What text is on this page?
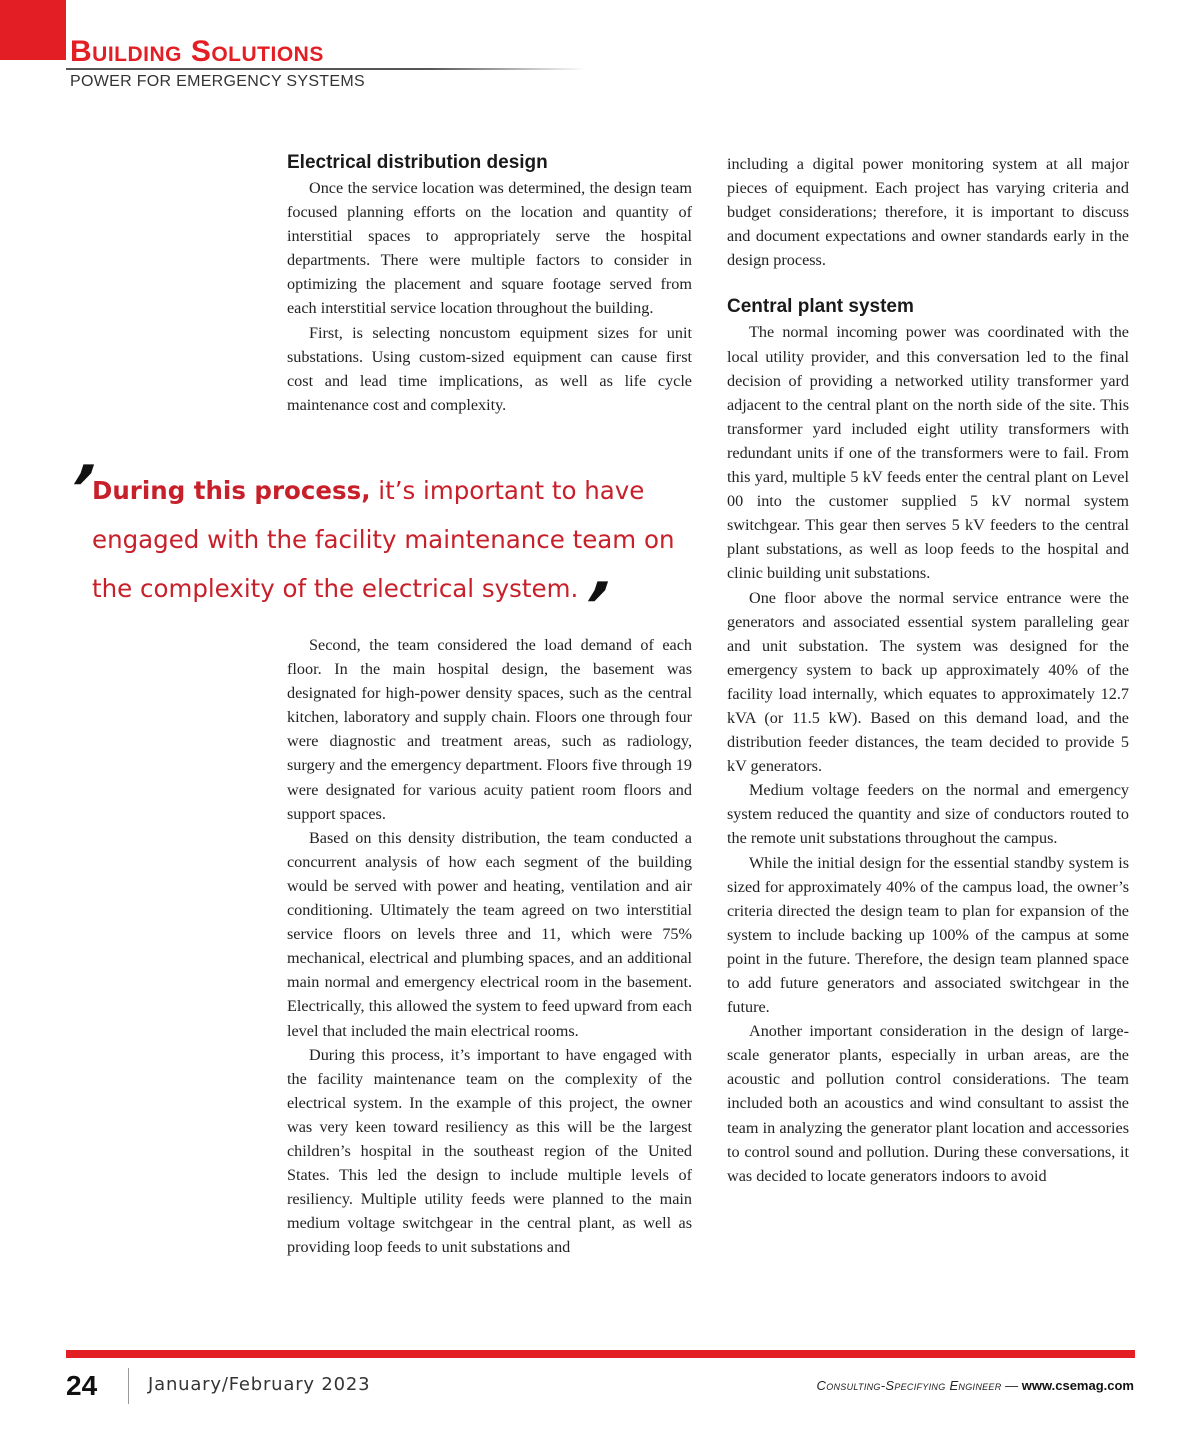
Building Solutions
POWER FOR EMERGENCY SYSTEMS
Electrical distribution design

Once the service location was determined, the design team focused planning efforts on the location and quantity of interstitial spaces to appropriately serve the hospital departments. There were multiple factors to consider in optimizing the placement and square footage served from each interstitial service location throughout the building.

First, is selecting noncustom equipment sizes for unit substations. Using custom-sized equipment can cause first cost and lead time implications, as well as life cycle maintenance cost and complexity.

’

During this process, it’s important to have engaged with the facility maintenance team on the complexity of the electrical system.

’

Second, the team considered the load demand of each floor. In the main hospital design, the basement was designated for high-power density spaces, such as the central kitchen, laboratory and supply chain. Floors one through four were diagnostic and treatment areas, such as radiology, surgery and the emergency department. Floors five through 19 were designated for various acuity patient room floors and support spaces.

Based on this density distribution, the team conducted a concurrent analysis of how each segment of the building would be served with power and heating, ventilation and air conditioning. Ultimately the team agreed on two interstitial service floors on levels three and 11, which were 75% mechanical, electrical and plumbing spaces, and an additional main normal and emergency electrical room in the basement. Electrically, this allowed the system to feed upward from each level that included the main electrical rooms.

During this process, it’s important to have engaged with the facility maintenance team on the complexity of the electrical system. In the example of this project, the owner was very keen toward resiliency as this will be the largest children’s hospital in the southeast region of the United States. This led the design to include multiple levels of resiliency. Multiple utility feeds were planned to the main medium voltage switchgear in the central plant, as well as providing loop feeds to unit substations and

including a digital power monitoring system at all major pieces of equipment. Each project has varying criteria and budget considerations; therefore, it is important to discuss and document expectations and owner standards early in the design process.

Central plant system

The normal incoming power was coordinated with the local utility provider, and this conversation led to the final decision of providing a networked utility transformer yard adjacent to the central plant on the north side of the site. This transformer yard included eight utility transformers with redundant units if one of the transformers were to fail. From this yard, multiple 5 kV feeds enter the central plant on Level 00 into the customer supplied 5 kV normal system switchgear. This gear then serves 5 kV feeders to the central plant substations, as well as loop feeds to the hospital and clinic building unit substations.

One floor above the normal service entrance were the generators and associated essential system paralleling gear and unit substation. The system was designed for the emergency system to back up approximately 40% of the facility load internally, which equates to approximately 12.7 kVA (or 11.5 kW). Based on this demand load, and the distribution feeder distances, the team decided to provide 5 kV generators.

Medium voltage feeders on the normal and emergency system reduced the quantity and size of conductors routed to the remote unit substations throughout the campus.

While the initial design for the essential standby system is sized for approximately 40% of the campus load, the owner’s criteria directed the design team to plan for expansion of the system to include backing up 100% of the campus at some point in the future. Therefore, the design team planned space to add future generators and associated switchgear in the future.

Another important consideration in the design of large-scale generator plants, especially in urban areas, are the acoustic and pollution control considerations. The team included both an acoustics and wind consultant to assist the team in analyzing the generator plant location and accessories to control sound and pollution. During these conversations, it was decided to locate generators indoors to avoid

24	January/February 2023	Consulting-Specifying Engineer — www.csemag.com
